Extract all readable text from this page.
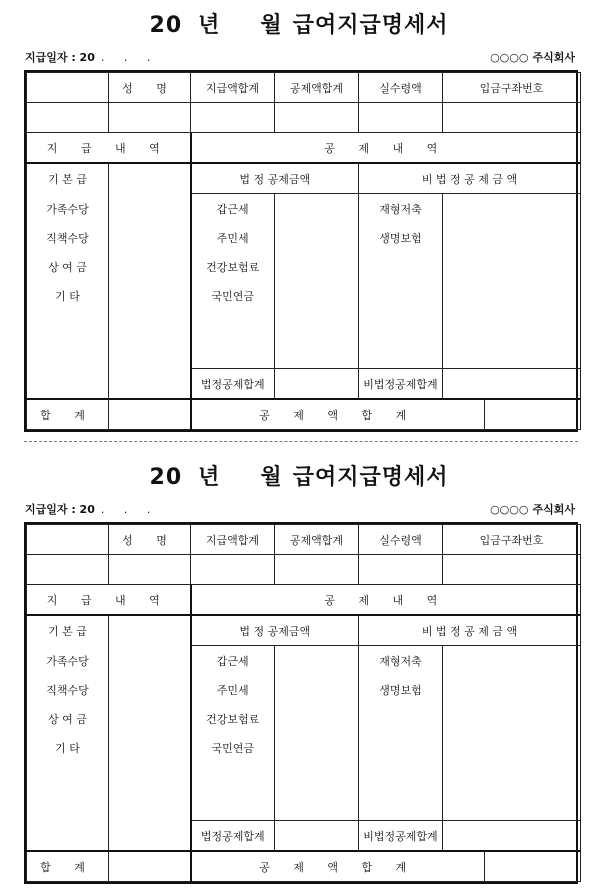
20 년 월 급여지급명세서
지급일자 : 20 . . .	○○○○ 주식회사
	성 명	지급액합계	공제액합계	실수령액	입금구좌번호

지 급 내 역		공 제 내 역			
기 본 급		법 정 공제금액		비 법 정 공 제 금 액	
가족수당		갑근세		재형저축		
직책수당		주민세		생명보험		
상 여 금		건강보험료				
기 타		국민연금				

		법정공제합계		비법정공제합계		
합 계		공 제 액 합 계				
20 년 월 급여지급명세서
지급일자 : 20 . . .	○○○○ 주식회사
	성 명	지급액합계	공제액합계	실수령액	입금구좌번호

지 급 내 역		공 제 내 역			
기 본 급		법 정 공제금액		비 법 정 공 제 금 액	
가족수당		갑근세		재형저축		
직책수당		주민세		생명보험		
상 여 금		건강보험료				
기 타		국민연금				

		법정공제합계		비법정공제합계		
합 계		공 제 액 합 계				
